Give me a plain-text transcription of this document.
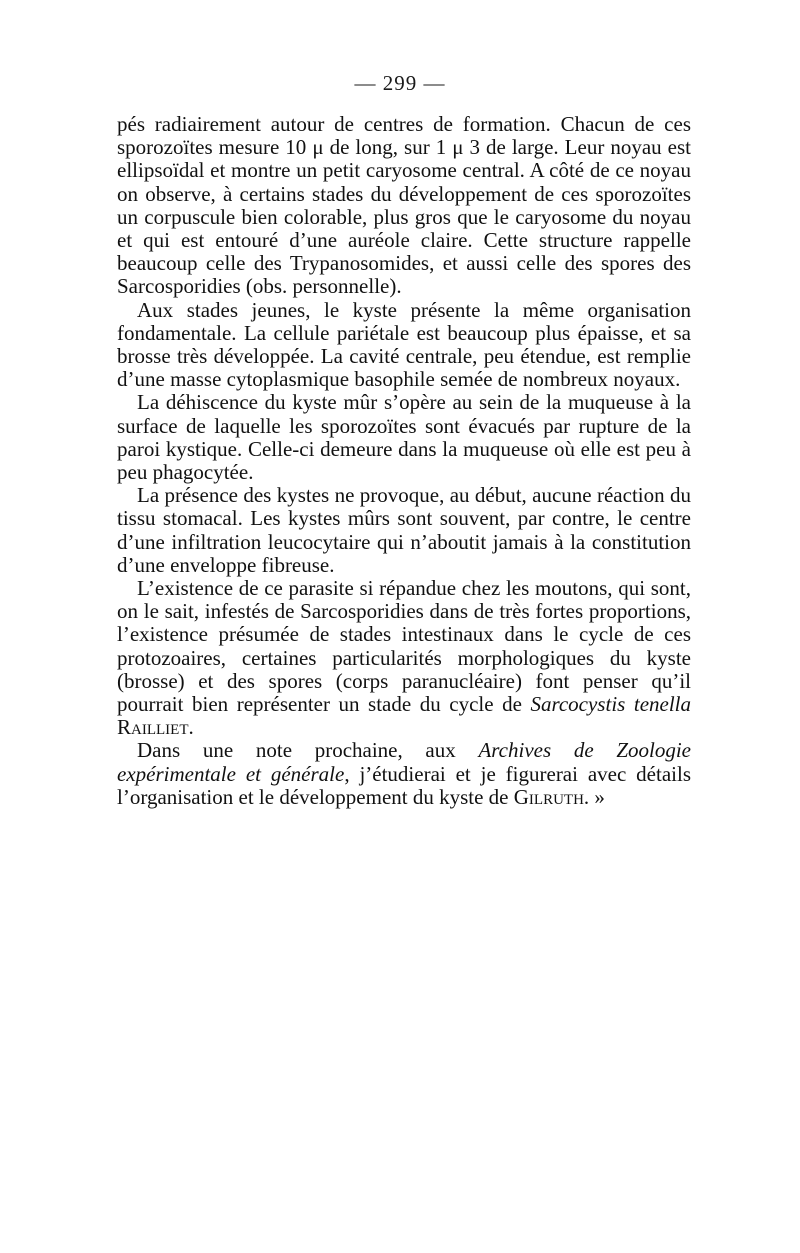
— 299 —

pés radiairement autour de centres de formation. Chacun de ces sporozoïtes mesure 10 μ de long, sur 1 μ 3 de large. Leur noyau est ellipsoïdal et montre un petit caryosome central. A côté de ce noyau on observe, à certains stades du développement de ces sporozoïtes un corpuscule bien colorable, plus gros que le caryosome du noyau et qui est entouré d’une auréole claire. Cette structure rappelle beaucoup celle des Trypanosomides, et aussi celle des spores des Sarcosporidies (obs. personnelle).

Aux stades jeunes, le kyste présente la même organisation fondamentale. La cellule pariétale est beaucoup plus épaisse, et sa brosse très développée. La cavité centrale, peu étendue, est remplie d’une masse cytoplasmique basophile semée de nombreux noyaux.

La déhiscence du kyste mûr s’opère au sein de la muqueuse à la surface de laquelle les sporozoïtes sont évacués par rupture de la paroi kystique. Celle-ci demeure dans la muqueuse où elle est peu à peu phagocytée.

La présence des kystes ne provoque, au début, aucune réaction du tissu stomacal. Les kystes mûrs sont souvent, par contre, le centre d’une infiltration leucocytaire qui n’aboutit jamais à la constitution d’une enveloppe fibreuse.

L’existence de ce parasite si répandue chez les moutons, qui sont, on le sait, infestés de Sarcosporidies dans de très fortes proportions, l’existence présumée de stades intestinaux dans le cycle de ces protozoaires, certaines particularités morphologiques du kyste (brosse) et des spores (corps paranucléaire) font penser qu’il pourrait bien représenter un stade du cycle de Sarcocystis tenella Railliet.

Dans une note prochaine, aux Archives de Zoologie expérimentale et générale, j’étudierai et je figurerai avec détails l’organisation et le développement du kyste de Gilruth. »
